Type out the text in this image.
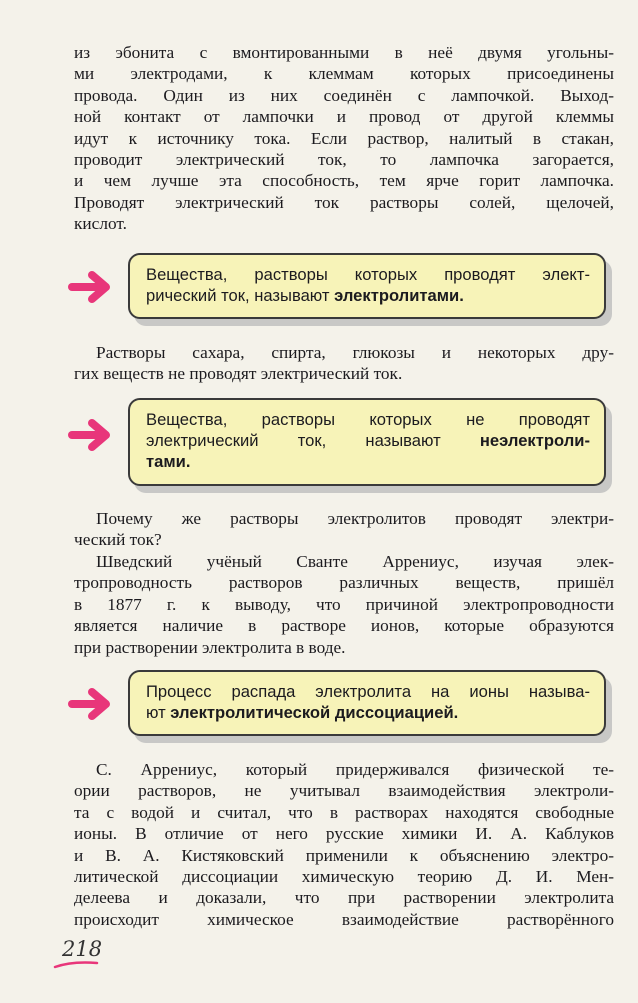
из эбонита с вмонтированными в неё двумя угольны-
ми электродами, к клеммам которых присоединены
провода. Один из них соединён с лампочкой. Выход-
ной контакт от лампочки и провод от другой клеммы
идут к источнику тока. Если раствор, налитый в стакан,
проводит электрический ток, то лампочка загорается,
и чем лучше эта способность, тем ярче горит лампочка.
Проводят электрический ток растворы солей, щелочей,
кислот.

Вещества, растворы которых проводят элект-
рический ток, называют электролитами.

Растворы сахара, спирта, глюкозы и некоторых дру-
гих веществ не проводят электрический ток.

Вещества, растворы которых не проводят
электрический ток, называют неэлектроли-
тами.

Почему же растворы электролитов проводят электри-
ческий ток?

Шведский учёный Сванте Аррениус, изучая элек-
тропроводность растворов различных веществ, пришёл
в 1877 г. к выводу, что причиной электропроводности
является наличие в растворе ионов, которые образуются
при растворении электролита в воде.

Процесс распада электролита на ионы называ-
ют электролитической диссоциацией.

С. Аррениус, который придерживался физической те-
ории растворов, не учитывал взаимодействия электроли-
та с водой и считал, что в растворах находятся свободные
ионы. В отличие от него русские химики И. А. Каблуков
и В. А. Кистяковский применили к объяснению электро-
литической диссоциации химическую теорию Д. И. Мен-
делеева и доказали, что при растворении электролита
происходит химическое взаимодействие растворённого

218
